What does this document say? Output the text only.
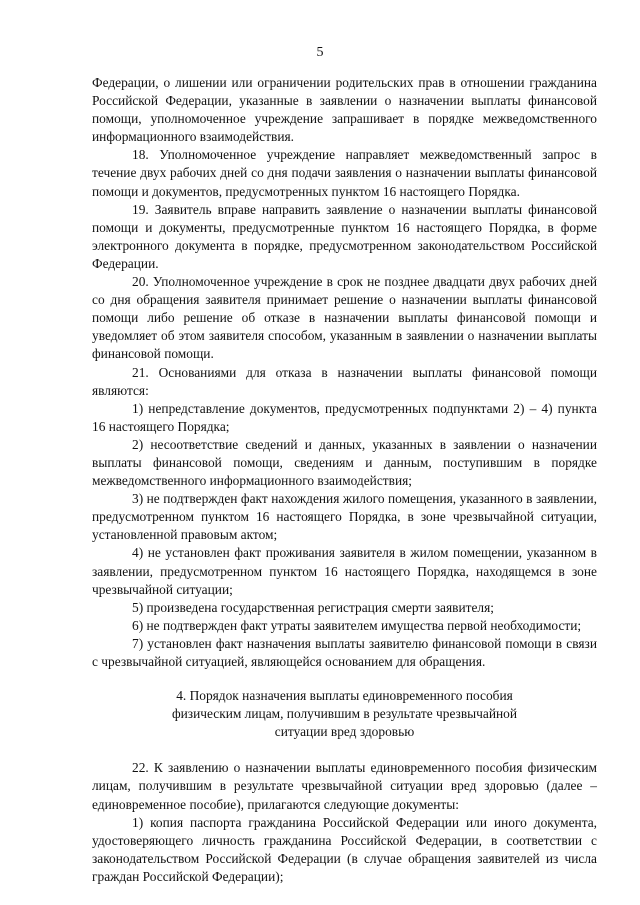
5

Федерации, о лишении или ограничении родительских прав в отношении гражданина Российской Федерации, указанные в заявлении о назначении выплаты финансовой помощи, уполномоченное учреждение запрашивает в порядке межведомственного информационного взаимодействия.

18. Уполномоченное учреждение направляет межведомственный запрос в течение двух рабочих дней со дня подачи заявления о назначении выплаты финансовой помощи и документов, предусмотренных пунктом 16 настоящего Порядка.

19. Заявитель вправе направить заявление о назначении выплаты финансовой помощи и документы, предусмотренные пунктом 16 настоящего Порядка, в форме электронного документа в порядке, предусмотренном законодательством Российской Федерации.

20. Уполномоченное учреждение в срок не позднее двадцати двух рабочих дней со дня обращения заявителя принимает решение о назначении выплаты финансовой помощи либо решение об отказе в назначении выплаты финансовой помощи и уведомляет об этом заявителя способом, указанным в заявлении о назначении выплаты финансовой помощи.

21. Основаниями для отказа в назначении выплаты финансовой помощи являются:

1) непредставление документов, предусмотренных подпунктами 2) – 4) пункта 16 настоящего Порядка;

2) несоответствие сведений и данных, указанных в заявлении о назначении выплаты финансовой помощи, сведениям и данным, поступившим в порядке межведомственного информационного взаимодействия;

3) не подтвержден факт нахождения жилого помещения, указанного в заявлении, предусмотренном пунктом 16 настоящего Порядка, в зоне чрезвычайной ситуации, установленной правовым актом;

4) не установлен факт проживания заявителя в жилом помещении, указанном в заявлении, предусмотренном пунктом 16 настоящего Порядка, находящемся в зоне чрезвычайной ситуации;

5) произведена государственная регистрация смерти заявителя;

6) не подтвержден факт утраты заявителем имущества первой необходимости;

7) установлен факт назначения выплаты заявителю финансовой помощи в связи с чрезвычайной ситуацией, являющейся основанием для обращения.

4. Порядок назначения выплаты единовременного пособия

физическим лицам, получившим в результате чрезвычайной

ситуации вред здоровью

22. К заявлению о назначении выплаты единовременного пособия физическим лицам, получившим в результате чрезвычайной ситуации вред здоровью (далее – единовременное пособие), прилагаются следующие документы:

1) копия паспорта гражданина Российской Федерации или иного документа, удостоверяющего личность гражданина Российской Федерации, в соответствии с законодательством Российской Федерации (в случае обращения заявителей из числа граждан Российской Федерации);
